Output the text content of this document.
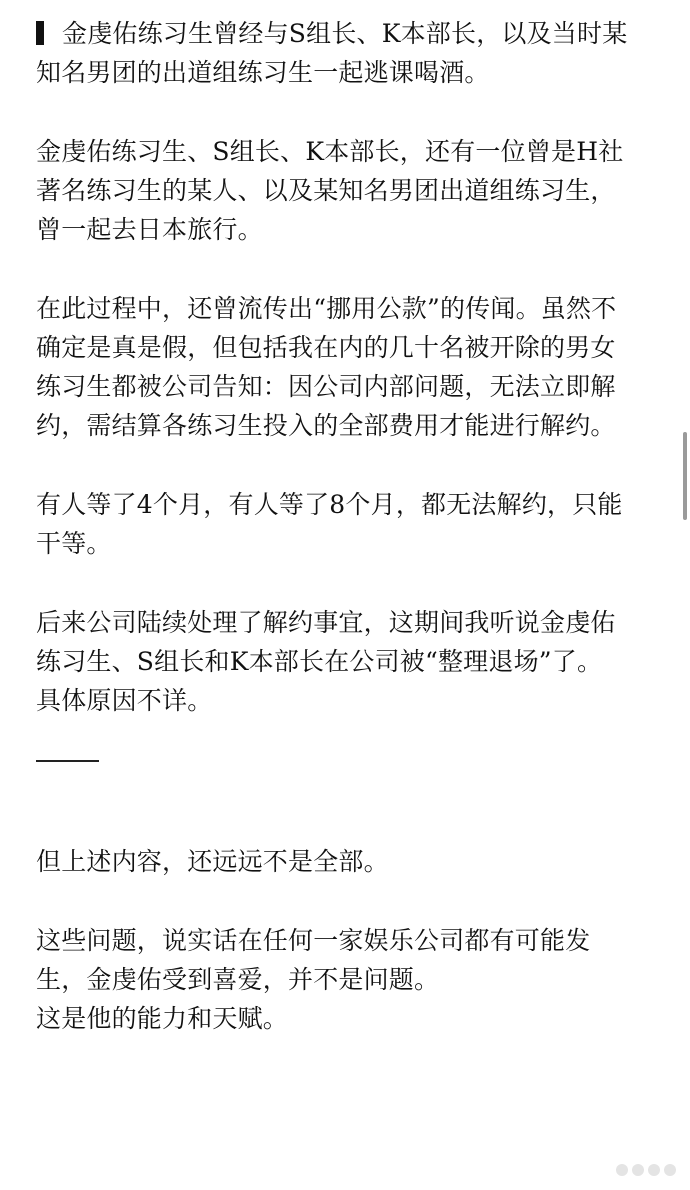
金虔佑练习生曾经与S组长、K本部长，以及当时某
知名男团的出道组练习生一起逃课喝酒。
金虔佑练习生、S组长、K本部长，还有一位曾是H社
著名练习生的某人、以及某知名男团出道组练习生，
曾一起去日本旅行。
在此过程中，还曾流传出“挪用公款”的传闻。虽然不
确定是真是假，但包括我在内的几十名被开除的男女
练习生都被公司告知：因公司内部问题，无法立即解
约，需结算各练习生投入的全部费用才能进行解约。
有人等了4个月，有人等了8个月，都无法解约，只能
干等。
后来公司陆续处理了解约事宜，这期间我听说金虔佑
练习生、S组长和K本部长在公司被“整理退场”了。
具体原因不详。
但上述内容，还远远不是全部。
这些问题，说实话在任何一家娱乐公司都有可能发
生，金虔佑受到喜爱，并不是问题。
这是他的能力和天赋。
